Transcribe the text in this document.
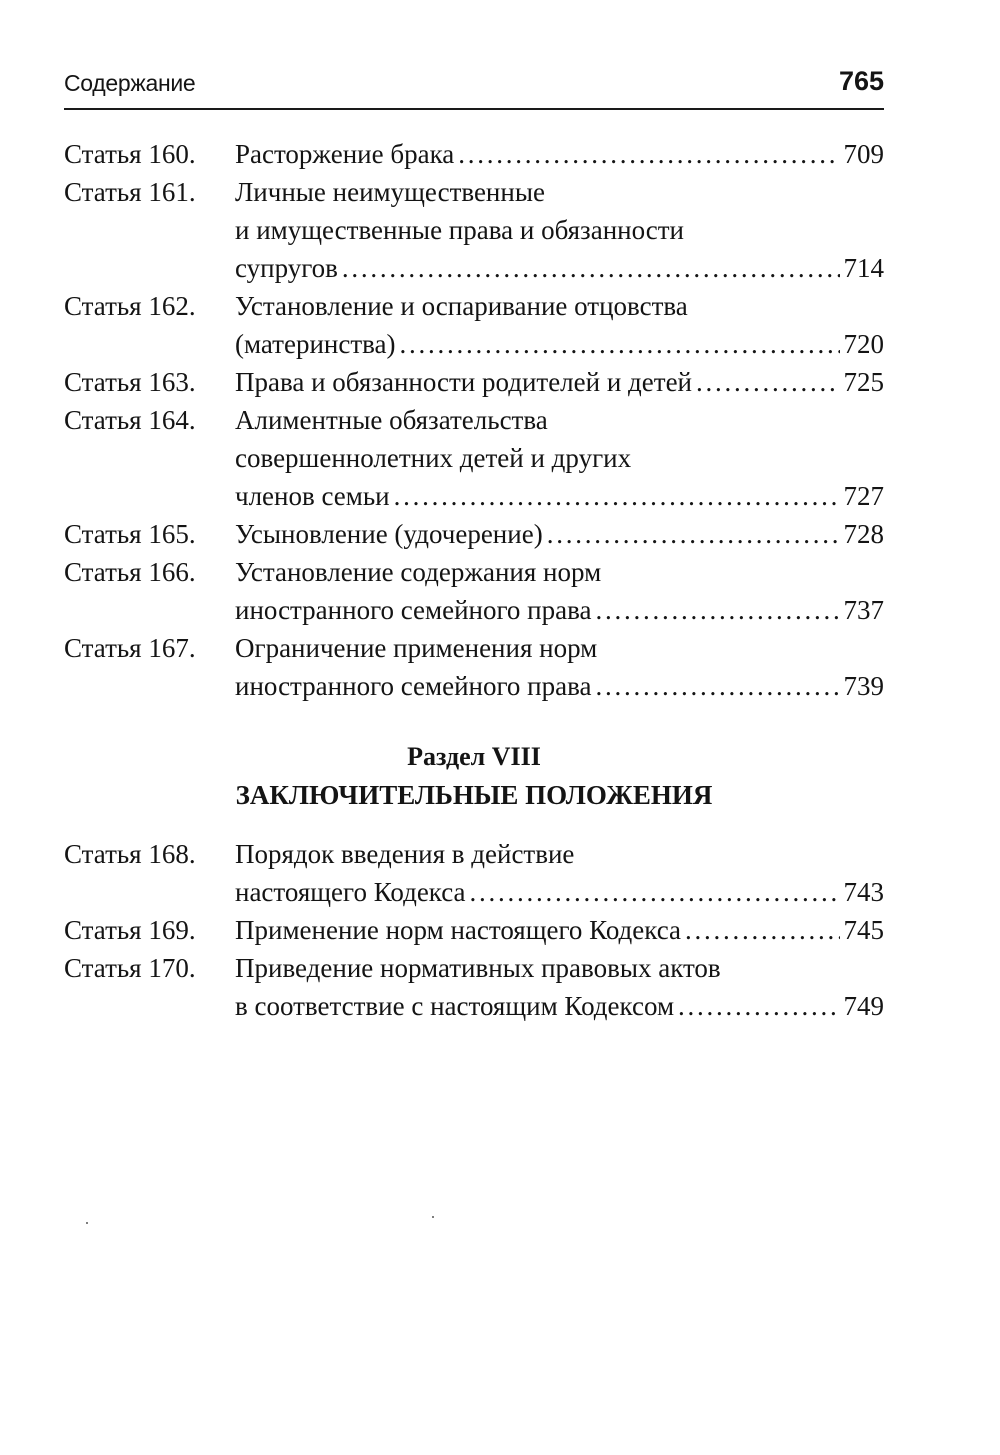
Содержание	765
Статья 160. Расторжение брака . . .	709
Статья 161. Личные неимущественные
и имущественные права и обязанности
супругов . . .	714
Статья 162. Установление и оспаривание отцовства
(материнства) . . .	720
Статья 163. Права и обязанности родителей и детей . . .	725
Статья 164. Алиментные обязательства
совершеннолетних детей и других
членов семьи . . .	727
Статья 165. Усыновление (удочерение) . . .	728
Статья 166. Установление содержания норм
иностранного семейного права . . .	737
Статья 167. Ограничение применения норм
иностранного семейного права . . .	739
Раздел VIII
ЗАКЛЮЧИТЕЛЬНЫЕ ПОЛОЖЕНИЯ
Статья 168. Порядок введения в действие
настоящего Кодекса . . .	743
Статья 169. Применение норм настоящего Кодекса . . .	745
Статья 170. Приведение нормативных правовых актов
в соответствие с настоящим Кодексом . . .	749
